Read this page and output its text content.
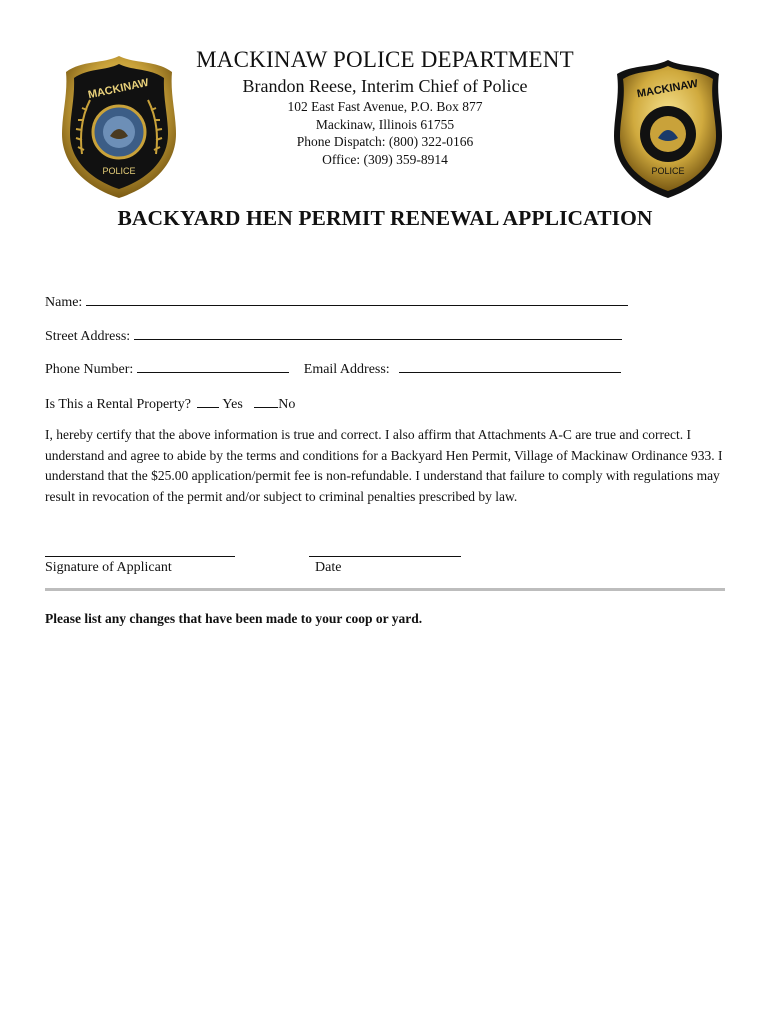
MACKINAW
POLICE
MACKINAW
POLICE
MACKINAW POLICE DEPARTMENT
Brandon Reese, Interim Chief of Police
102 East Fast Avenue, P.O. Box 877
Mackinaw, Illinois 61755
Phone Dispatch: (800) 322-0166
Office: (309) 359-8914
BACKYARD HEN PERMIT RENEWAL APPLICATION
Name:
Street Address:
Phone Number:	Email Address:
Is This a Rental Property? Yes	No
I, hereby certify that the above information is true and correct. I also affirm that Attachments A-C are true and correct. I understand and agree to abide by the terms and conditions for a Backyard Hen Permit, Village of Mackinaw Ordinance 933. I understand that the $25.00 application/permit fee is non-refundable. I understand that failure to comply with regulations may result in revocation of the permit and/or subject to criminal penalties prescribed by law.
Signature of Applicant	Date
Please list any changes that have been made to your coop or yard.
